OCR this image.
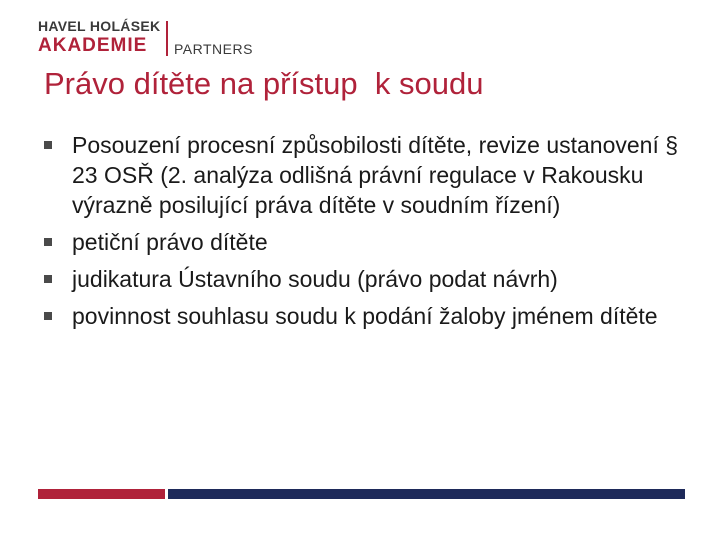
HAVEL HOLÁSEK
AKADEMIE PARTNERS
Právo dítěte na přístup  k soudu
Posouzení procesní způsobilosti dítěte, revize ustanovení § 23 OSŘ (2. analýza odlišná právní regulace v Rakousku výrazně posilující práva dítěte v soudním řízení)
petiční právo dítěte
judikatura Ústavního soudu (právo podat návrh)
povinnost souhlasu soudu k podání žaloby jménem dítěte
